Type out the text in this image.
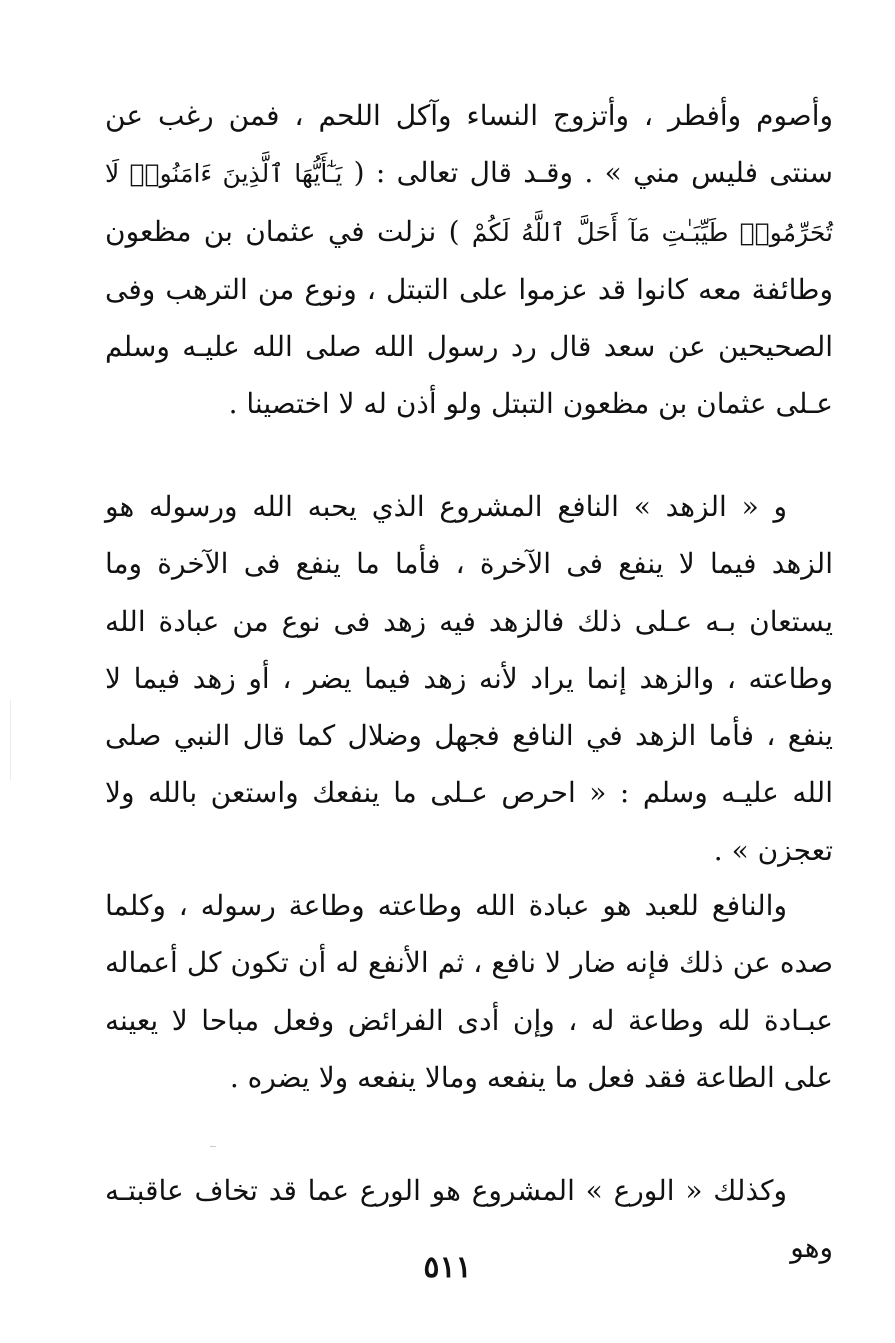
وأصوم وأفطر ، وأتزوج النساء وآكل اللحم ، فمن رغب عن سنتى فليس مني » . وقـد قال تعالى : ( يَـٰٓأَيُّهَا ٱلَّذِينَ ءَامَنُوا۟ لَا تُحَرِّمُوا۟ طَيِّبَـٰتِ مَآ أَحَلَّ ٱللَّهُ لَكُمْ ) نزلت في عثمان بن مظعون وطائفة معه كانوا قد عزموا على التبتل ، ونوع من الترهب وفى الصحيحين عن سعد قال رد رسول الله صلى الله عليـه وسلم عـلى عثمان بن مظعون التبتل ولو أذن له لا اختصينا .

و « الزهد » النافع المشروع الذي يحبه الله ورسوله هو الزهد فيما لا ينفع فى الآخرة ، فأما ما ينفع فى الآخرة وما يستعان بـه عـلى ذلك فالزهد فيه زهد فى نوع من عبادة الله وطاعته ، والزهد إنما يراد لأنه زهد فيما يضر ، أو زهد فيما لا ينفع ، فأما الزهد في النافع فجهل وضلال كما قال النبي صلى الله عليـه وسلم : « احرص عـلى ما ينفعك واستعن بالله ولا تعجزن » .

والنافع للعبد هو عبادة الله وطاعته وطاعة رسوله ، وكلما صده عن ذلك فإنه ضار لا نافع ، ثم الأنفع له أن تكون كل أعماله عبـادة لله وطاعة له ، وإن أدى الفرائض وفعل مباحا لا يعينه على الطاعة فقد فعل ما ينفعه ومالا ينفعه ولا يضره .

وكذلك « الورع » المشروع هو الورع عما قد تخاف عاقبتـه وهو

٥١١
